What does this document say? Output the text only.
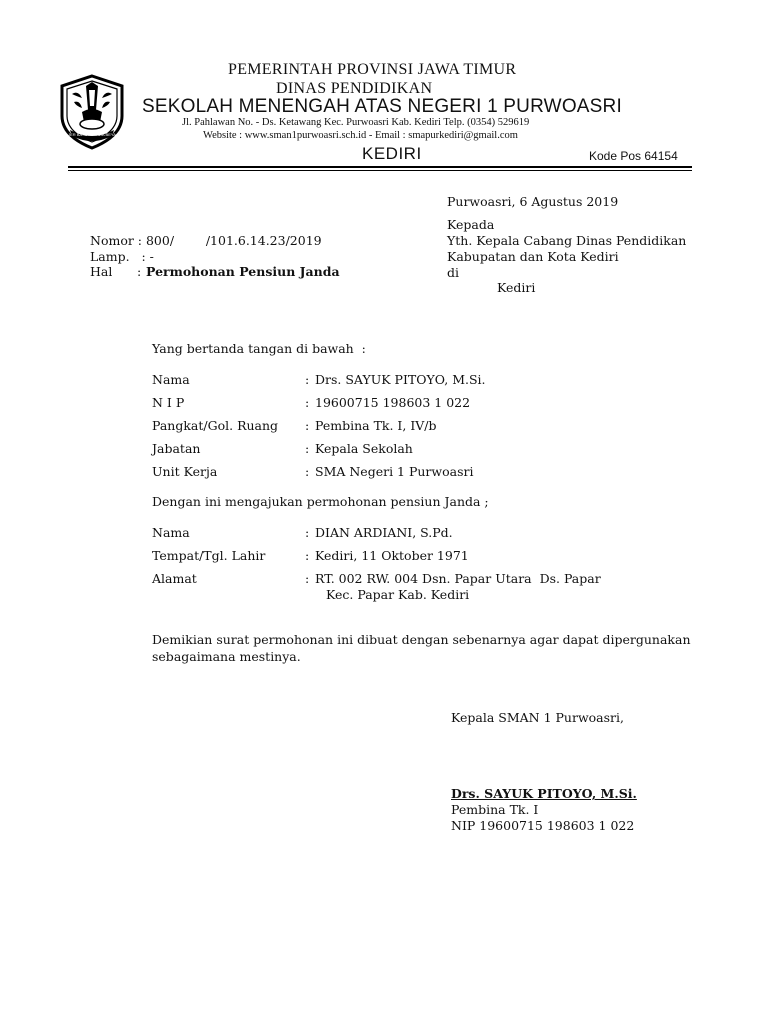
JER BASUKI MAWA BEYA
PEMERINTAH PROVINSI JAWA TIMUR
DINAS PENDIDIKAN
SEKOLAH MENENGAH ATAS NEGERI 1 PURWOASRI
Jl. Pahlawan No. - Ds. Ketawang Kec. Purwoasri Kab. Kediri Telp. (0354) 529619
Website : www.sman1purwoasri.sch.id - Email : smapurkediri@gmail.com
KEDIRI	Kode Pos 64154
Purwoasri, 6 Agustus 2019
Kepada
Yth. Kepala Cabang Dinas Pendidikan
Kabupatan dan Kota Kediri
di
Kediri
Nomor : 800/        /101.6.14.23/2019
Lamp.   : -
Hal : Permohonan Pensiun Janda
Yang bertanda tangan di bawah  :
Nama	: Drs. SAYUK PITOYO, M.Si.
N I P	: 19600715 198603 1 022
Pangkat/Gol. Ruang : Pembina Tk. I, IV/b
Jabatan	: Kepala Sekolah
Unit Kerja	: SMA Negeri 1 Purwoasri
Dengan ini mengajukan permohonan pensiun Janda ;
Nama	: DIAN ARDIANI, S.Pd.
Tempat/Tgl. Lahir	: Kediri, 11 Oktober 1971
Alamat	: RT. 002 RW. 004 Dsn. Papar Utara  Ds. Papar
Kec. Papar Kab. Kediri
Demikian surat permohonan ini dibuat dengan sebenarnya agar dapat dipergunakan
sebagaimana mestinya.
Kepala SMAN 1 Purwoasri,
Drs. SAYUK PITOYO, M.Si.
Pembina Tk. I
NIP 19600715 198603 1 022
